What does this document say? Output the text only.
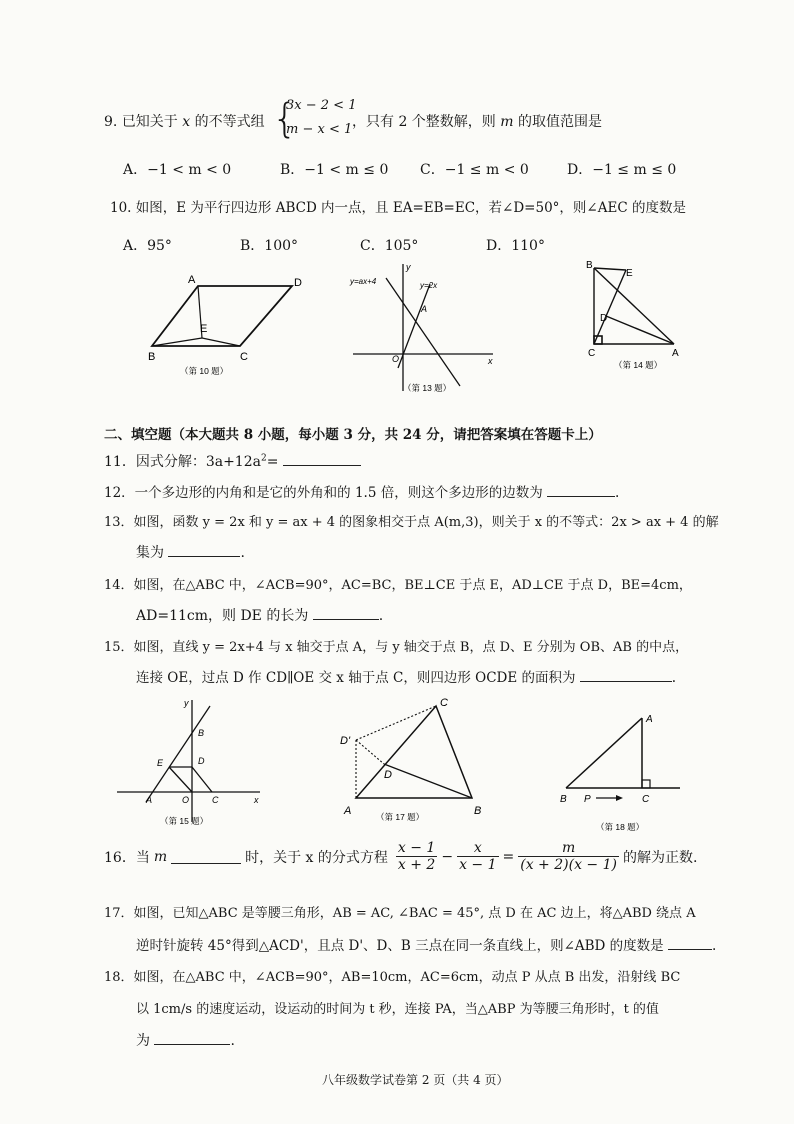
9. 已知关于 x 的不等式组 {
3x − 2 < 1
m − x < 1 ，只有 2 个整数解，则 m 的取值范围是
A．−1 < m < 0	B．−1 < m ≤ 0 C．−1 ≤ m < 0	D．−1 ≤ m ≤ 0
10. 如图，E 为平行四边形 ABCD 内一点，且 EA=EB=EC，若∠D=50°，则∠AEC 的度数是
A．95°	B．100°	C．105°	D．110°
A	D
E
B	C
（第 10 题）
y
y=ax+4	y=2x
A
O	x
（第 13 题）
B
E
D
C	A
（第 14 题）
二、填空题（本大题共 8 小题，每小题 3 分，共 24 分，请把答案填在答题卡上）
11．因式分解：$3a+12a^2=$
12．一个多边形的内角和是它的外角和的 1.5 倍，则这个多边形的边数为	.
13．如图，函数 y = 2x 和 y = ax + 4 的图象相交于点 A(m,3)，则关于 x 的不等式：2x > ax + 4 的解
集为	.
14．如图，在△ABC 中，∠ACB=90°，AC=BC，BE⊥CE 于点 E，AD⊥CE 于点 D，BE=4cm，
AD=11cm，则 DE 的长为	.
15．如图，直线 y = 2x+4 与 x 轴交于点 A，与 y 轴交于点 B，点 D、E 分别为 OB、AB 的中点，
连接 OE，过点 D 作 CD∥OE 交 x 轴于点 C，则四边形 OCDE 的面积为	.
y
B
E	D
A	O	C	x
（第 15 题）
C
D'
D
A	B
（第 17 题）
A
B P	C
（第 18 题）
16．当 m	时，关于 x 的分式方程 $\frac{x - 1}{x + 2} - \frac{x}{x - 1} = \frac{m}{(x + 2)(x - 1)}$ 的解为正数.
17．如图，已知△ABC 是等腰三角形，AB = AC, ∠BAC = 45°, 点 D 在 AC 边上，将△ABD 绕点 A
逆时针旋转 45°得到△ACD'，且点 D'、D、B 三点在同一条直线上，则∠ABD 的度数是	.
18．如图，在△ABC 中，∠ACB=90°，AB=10cm，AC=6cm，动点 P 从点 B 出发，沿射线 BC
以 1cm/s 的速度运动，设运动的时间为 t 秒，连接 PA，当△ABP 为等腰三角形时，t 的值
为	.
八年级数学试卷第 2 页（共 4 页）
